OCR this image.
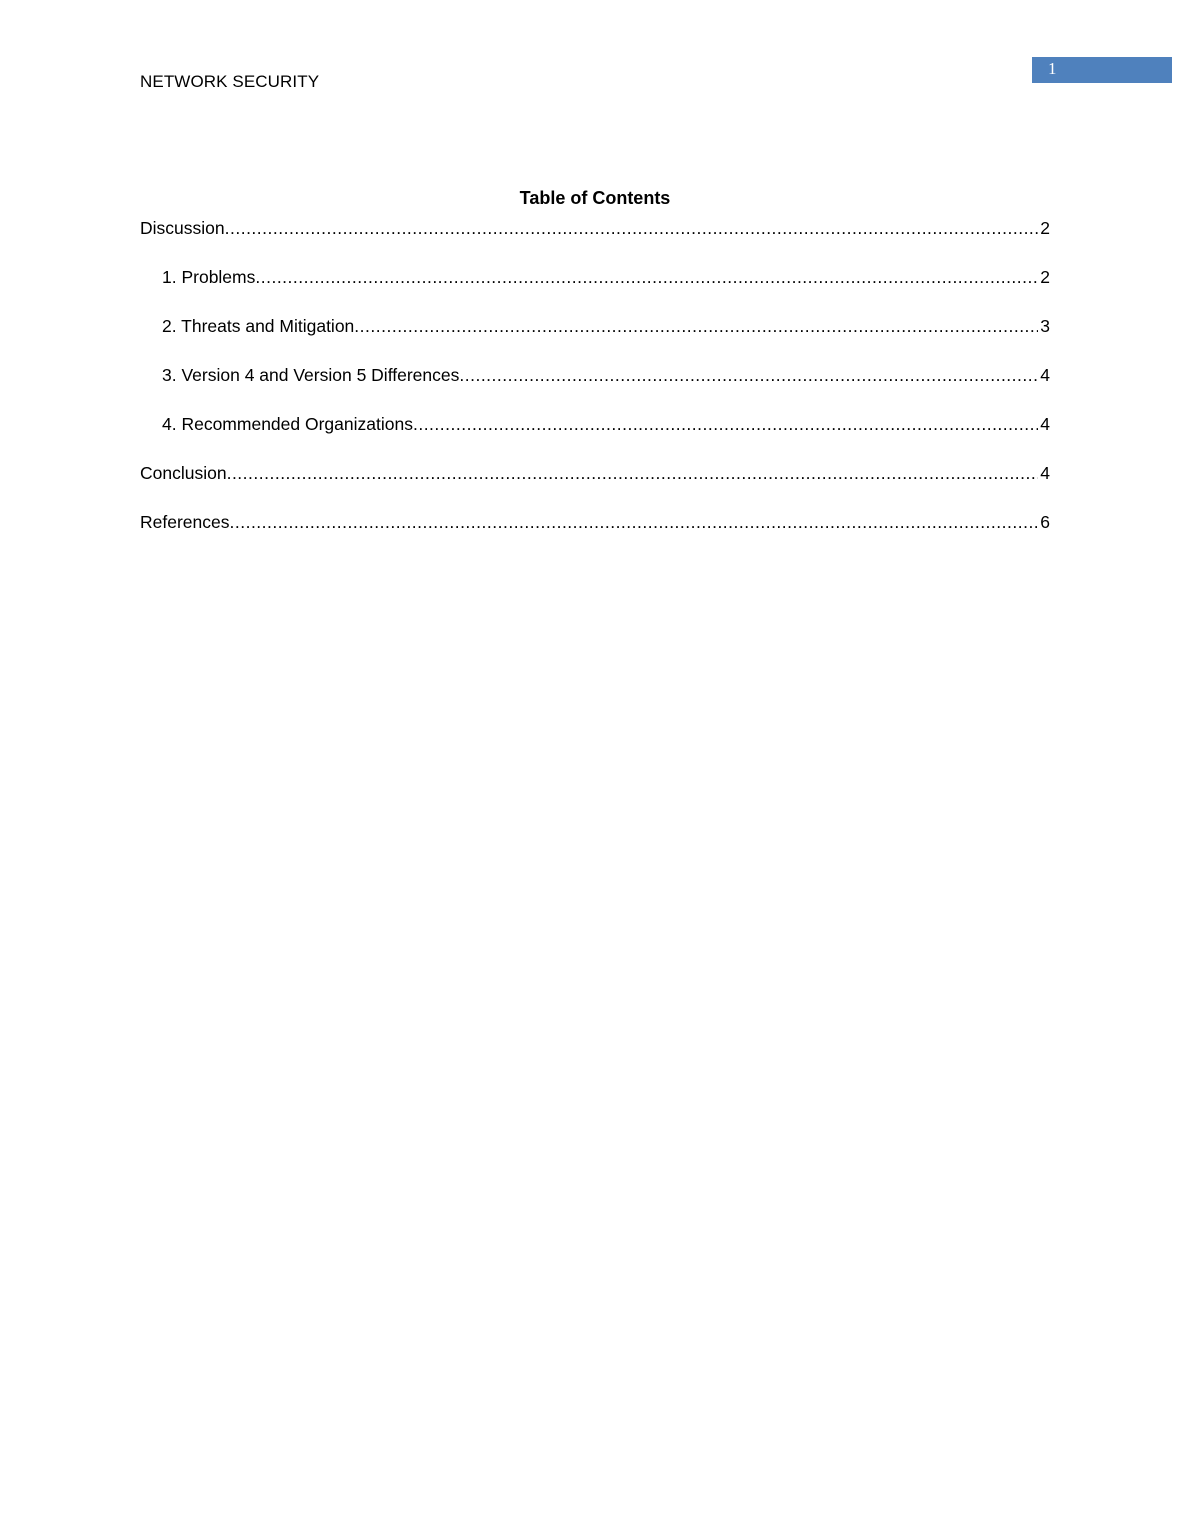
NETWORK SECURITY
1
Table of Contents
Discussion .....	2
1. Problems .....	2
2. Threats and Mitigation .....	3
3. Version 4 and Version 5 Differences .....	4
4. Recommended Organizations .....	4
Conclusion .....	4
References .....	6
